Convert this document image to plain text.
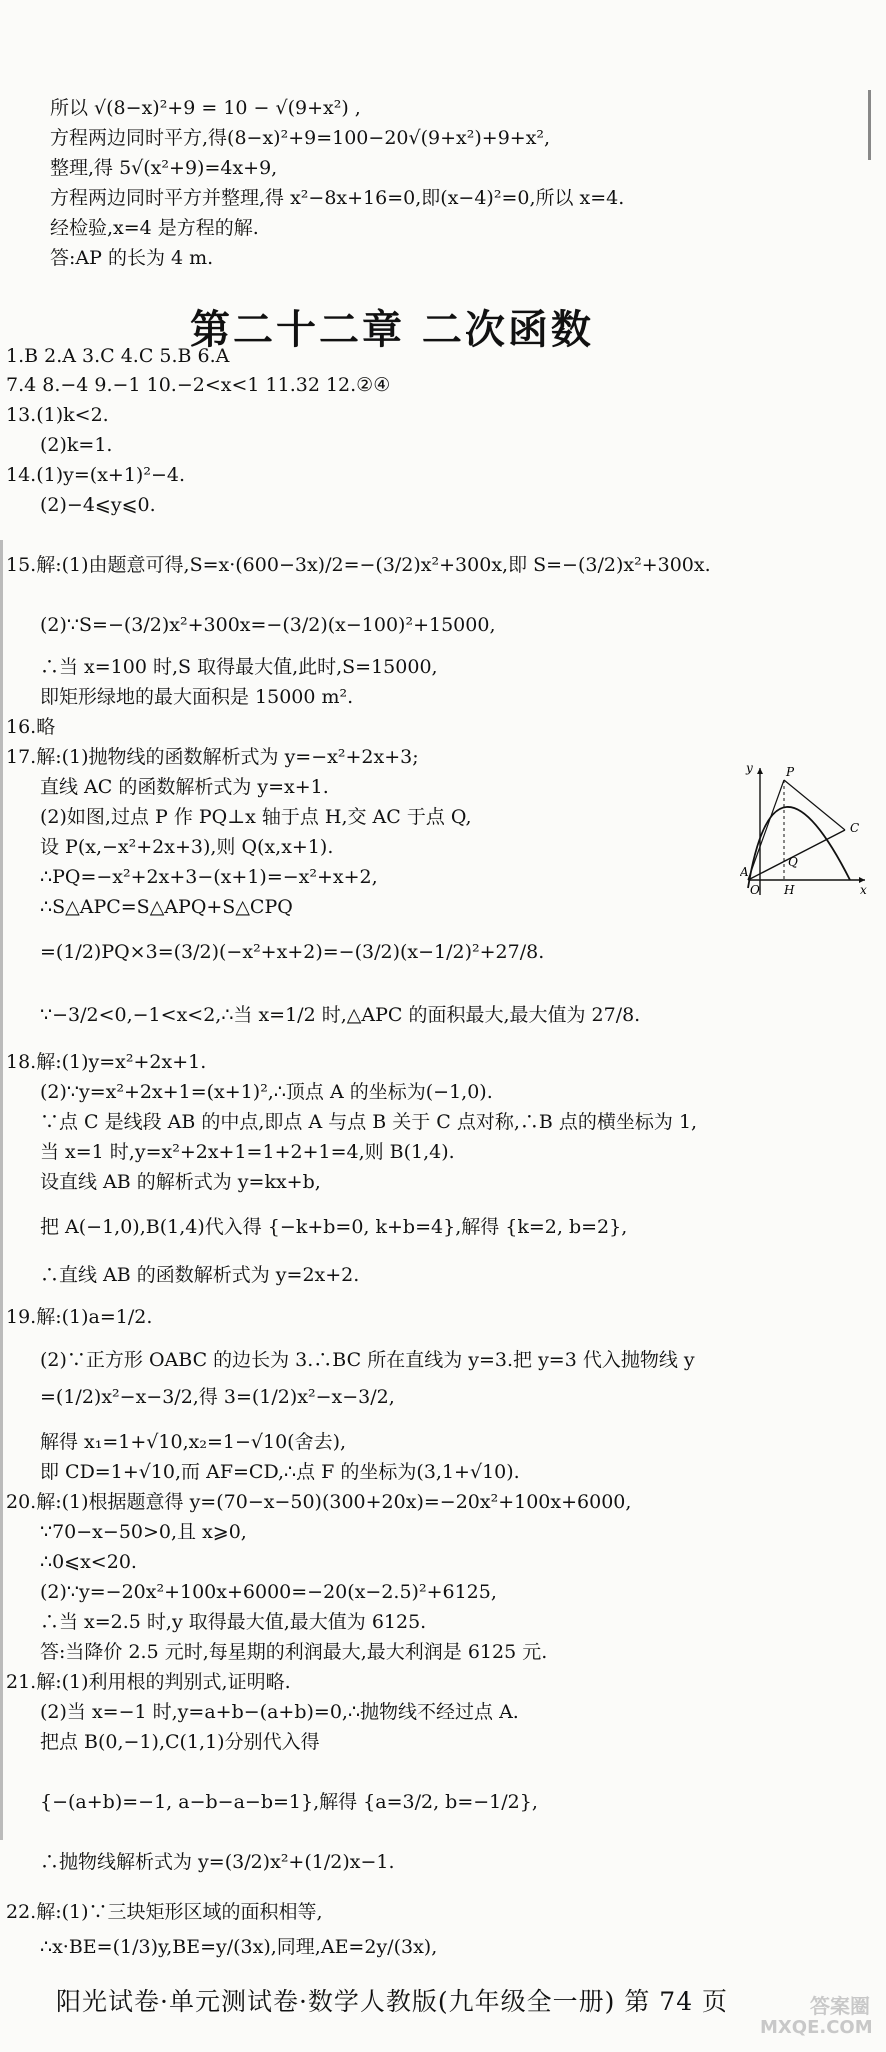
所以 √(8−x)²+9 = 10 − √(9+x²) ,
方程两边同时平方,得(8−x)²+9=100−20√(9+x²)+9+x²,
整理,得 5√(x²+9)=4x+9,
方程两边同时平方并整理,得 x²−8x+16=0,即(x−4)²=0,所以 x=4.
经检验,x=4 是方程的解.
答:AP 的长为 4 m.
第二十二章 二次函数
1.B 2.A 3.C 4.C 5.B 6.A
7.4 8.−4 9.−1 10.−2<x<1 11.32 12.②④
13.(1)k<2.
(2)k=1.
14.(1)y=(x+1)²−4.
(2)−4⩽y⩽0.
15.解:(1)由题意可得,S=x·(600−3x)/2=−(3/2)x²+300x,即 S=−(3/2)x²+300x.
(2)∵S=−(3/2)x²+300x=−(3/2)(x−100)²+15000,
∴当 x=100 时,S 取得最大值,此时,S=15000,
即矩形绿地的最大面积是 15000 m².
16.略
17.解:(1)抛物线的函数解析式为 y=−x²+2x+3;
直线 AC 的函数解析式为 y=x+1.
(2)如图,过点 P 作 PQ⊥x 轴于点 H,交 AC 于点 Q,
设 P(x,−x²+2x+3),则 Q(x,x+1).
∴PQ=−x²+2x+3−(x+1)=−x²+x+2,
∴S△APC=S△APQ+S△CPQ
=(1/2)PQ×3=(3/2)(−x²+x+2)=−(3/2)(x−1/2)²+27/8.
∵−3/2<0,−1<x<2,∴当 x=1/2 时,△APC 的面积最大,最大值为 27/8.
18.解:(1)y=x²+2x+1.
(2)∵y=x²+2x+1=(x+1)²,∴顶点 A 的坐标为(−1,0).
∵点 C 是线段 AB 的中点,即点 A 与点 B 关于 C 点对称,∴B 点的横坐标为 1,
当 x=1 时,y=x²+2x+1=1+2+1=4,则 B(1,4).
设直线 AB 的解析式为 y=kx+b,
把 A(−1,0),B(1,4)代入得 {−k+b=0, k+b=4},解得 {k=2, b=2},
∴直线 AB 的函数解析式为 y=2x+2.
19.解:(1)a=1/2.
(2)∵正方形 OABC 的边长为 3.∴BC 所在直线为 y=3.把 y=3 代入抛物线 y
=(1/2)x²−x−3/2,得 3=(1/2)x²−x−3/2,
解得 x₁=1+√10,x₂=1−√10(舍去),
即 CD=1+√10,而 AF=CD,∴点 F 的坐标为(3,1+√10).
20.解:(1)根据题意得 y=(70−x−50)(300+20x)=−20x²+100x+6000,
∵70−x−50>0,且 x⩾0,
∴0⩽x<20.
(2)∵y=−20x²+100x+6000=−20(x−2.5)²+6125,
∴当 x=2.5 时,y 取得最大值,最大值为 6125.
答:当降价 2.5 元时,每星期的利润最大,最大利润是 6125 元.
21.解:(1)利用根的判别式,证明略.
(2)当 x=−1 时,y=a+b−(a+b)=0,∴抛物线不经过点 A.
把点 B(0,−1),C(1,1)分别代入得
{−(a+b)=−1, a−b−a−b=1},解得 {a=3/2, b=−1/2},
∴抛物线解析式为 y=(3/2)x²+(1/2)x−1.
22.解:(1)∵三块矩形区域的面积相等,
∴x·BE=(1/3)y,BE=y/(3x),同理,AE=2y/(3x),
y	P
C
A
Q
O H	x
阳光试卷·单元测试卷·数学人教版(九年级全一册) 第 74 页	答案圈
MXQE.COM
